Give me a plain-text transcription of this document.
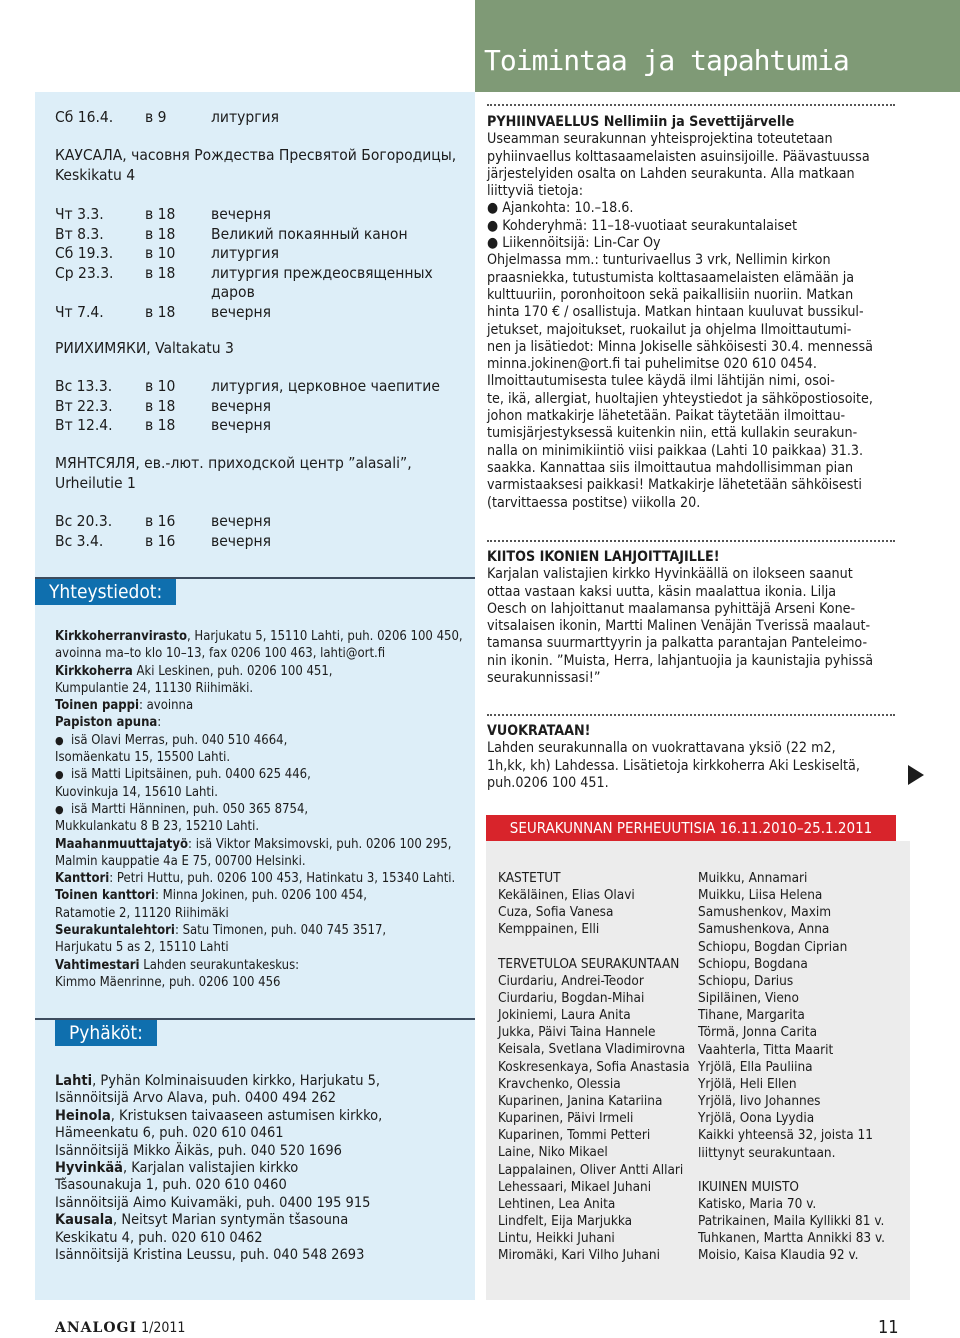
Toimintaa ja tapahtumia
Сб 16.4. в 9	литургия
КАУСАЛА, часовня Рождества Пресвятой Богородицы,
Keskikatu 4
Чт 3.3.	в 18 вечерня
Вт 8.3.	в 18 Великий покаянный канон
Сб 19.3. в 10 литургия
Ср 23.3. в 18 литургия преждеосвященных
даров
Чт 7.4.	в 18 вечерня
РИИХИМЯКИ, Valtakatu 3
Вс 13.3. в 10 литургия, церковное чаепитие
Вт 22.3. в 18 вечерня
Вт 12.4. в 18 вечерня
МЯНТСЯЛЯ, ев.-лют. приходской центр ”alasali”,
Urheilutie 1
Вс 20.3. в 16 вечерня
Вс 3.4.	в 16 вечерня
Yhteystiedot:
Kirkkoherranvirasto, Harjukatu 5, 15110 Lahti, puh. 0206 100 450,
avoinna ma–to klo 10–13, fax 0206 100 463, lahti@ort.fi
Kirkkoherra Aki Leskinen, puh. 0206 100 451,
Kumpulantie 24, 11130 Riihimäki.
Toinen pappi: avoinna
Papiston apuna:
● isä Olavi Merras, puh. 040 510 4664,
Isomäenkatu 15, 15500 Lahti.
● isä Matti Lipitsäinen, puh. 0400 625 446,
Kuovinkuja 14, 15610 Lahti.
● isä Martti Hänninen, puh. 050 365 8754,
Mukkulankatu 8 B 23, 15210 Lahti.
Maahanmuuttajatyö: isä Viktor Maksimovski, puh. 0206 100 295,
Malmin kauppatie 4a E 75, 00700 Helsinki.
Kanttori: Petri Huttu, puh. 0206 100 453, Hatinkatu 3, 15340 Lahti.
Toinen kanttori: Minna Jokinen, puh. 0206 100 454,
Ratamotie 2, 11120 Riihimäki
Seurakuntalehtori: Satu Timonen, puh. 040 745 3517,
Harjukatu 5 as 2, 15110 Lahti
Vahtimestari Lahden seurakuntakeskus:
Kimmo Mäenrinne, puh. 0206 100 456
Pyhäköt:
Lahti, Pyhän Kolminaisuuden kirkko, Harjukatu 5,
Isännöitsijä Arvo Alava, puh. 0400 494 262
Heinola, Kristuksen taivaaseen astumisen kirkko,
Hämeenkatu 6, puh. 020 610 0461
Isännöitsijä Mikko Äikäs, puh. 040 520 1696
Hyvinkää, Karjalan valistajien kirkko
Tšasounakuja 1, puh. 020 610 0460
Isännöitsijä Aimo Kuivamäki, puh. 0400 195 915
Kausala, Neitsyt Marian syntymän tšasouna
Keskikatu 4, puh. 020 610 0462
Isännöitsijä Kristina Leussu, puh. 040 548 2693
PYHIINVAELLUS Nellimiin ja Sevettijärvelle
Useamman seurakunnan yhteisprojektina toteutetaan
pyhiinvaellus kolttasaamelaisten asuinsijoille. Päävastuussa
järjestelyiden osalta on Lahden seurakunta. Alla matkaan
liittyviä tietoja:
● Ajankohta: 10.–18.6.
● Kohderyhmä: 11–18-vuotiaat seurakuntalaiset
● Liikennöitsijä: Lin-Car Oy
Ohjelmassa mm.: tunturivaellus 3 vrk, Nellimin kirkon
praasniekka, tutustumista kolttasaamelaisten elämään ja
kulttuuriin, poronhoitoon sekä paikallisiin nuoriin. Matkan
hinta 170 € / osallistuja. Matkan hintaan kuuluvat bussikul-
jetukset, majoitukset, ruokailut ja ohjelma Ilmoittautumi-
nen ja lisätiedot: Minna Jokiselle sähköisesti 30.4. mennessä
minna.jokinen@ort.fi tai puhelimitse 020 610 0454.
Ilmoittautumisesta tulee käydä ilmi lähtijän nimi, osoi-
te, ikä, allergiat, huoltajien yhteystiedot ja sähköpostiosoite,
johon matkakirje lähetetään. Paikat täytetään ilmoittau-
tumisjärjestyksessä kuitenkin niin, että kullakin seurakun-
nalla on minimikiintiö viisi paikkaa (Lahti 10 paikkaa) 31.3.
saakka. Kannattaa siis ilmoittautua mahdollisimman pian
varmistaaksesi paikkasi! Matkakirje lähetetään sähköisesti
(tarvittaessa postitse) viikolla 20.
KIITOS IKONIEN LAHJOITTAJILLE!
Karjalan valistajien kirkko Hyvinkäällä on ilokseen saanut
ottaa vastaan kaksi uutta, käsin maalattua ikonia. Lilja
Oesch on lahjoittanut maalamansa pyhittäjä Arseni Kone-
vitsalaisen ikonin, Martti Malinen Venäjän Tverissä maalaut-
tamansa suurmarttyyrin ja palkatta parantajan Panteleimo-
nin ikonin. ”Muista, Herra, lahjantuojia ja kaunistajia pyhissä
seurakunnissasi!”
VUOKRATAAN!
Lahden seurakunnalla on vuokrattavana yksiö (22 m2,
1h,kk, kh) Lahdessa. Lisätietoja kirkkoherra Aki Leskiseltä,
puh.0206 100 451.
SEURAKUNNAN PERHEUUTISIA 16.11.2010–25.1.2011
KASTETUT
Kekäläinen, Elias Olavi
Cuza, Sofia Vanesa
Kemppainen, Elli
TERVETULOA SEURAKUNTAAN
Ciurdariu, Andrei-Teodor
Ciurdariu, Bogdan-Mihai
Jokiniemi, Laura Anita
Jukka, Päivi Taina Hannele
Keisala, Svetlana Vladimirovna
Koskresenkaya, Sofia Anastasia
Kravchenko, Olessia
Kuparinen, Janina Katariina
Kuparinen, Päivi Irmeli
Kuparinen, Tommi Petteri
Laine, Niko Mikael
Lappalainen, Oliver Antti Allari
Lehessaari, Mikael Juhani
Lehtinen, Lea Anita
Lindfelt, Eija Marjukka
Lintu, Heikki Juhani
Miromäki, Kari Vilho Juhani
Muikku, Annamari
Muikku, Liisa Helena
Samushenkov, Maxim
Samushenkova, Anna
Schiopu, Bogdan Ciprian
Schiopu, Bogdana
Schiopu, Darius
Sipiläinen, Vieno
Tihane, Margarita
Törmä, Jonna Carita
Vaahterla, Titta Maarit
Yrjölä, Ella Pauliina
Yrjölä, Heli Ellen
Yrjölä, Iivo Johannes
Yrjölä, Oona Lyydia
Kaikki yhteensä 32, joista 11
liittynyt seurakuntaan.
IKUINEN MUISTO
Katisko, Maria 70 v.
Patrikainen, Maila Kyllikki 81 v.
Tuhkanen, Martta Annikki 83 v.
Moisio, Kaisa Klaudia 92 v.
ANALOGI 1/2011	11
